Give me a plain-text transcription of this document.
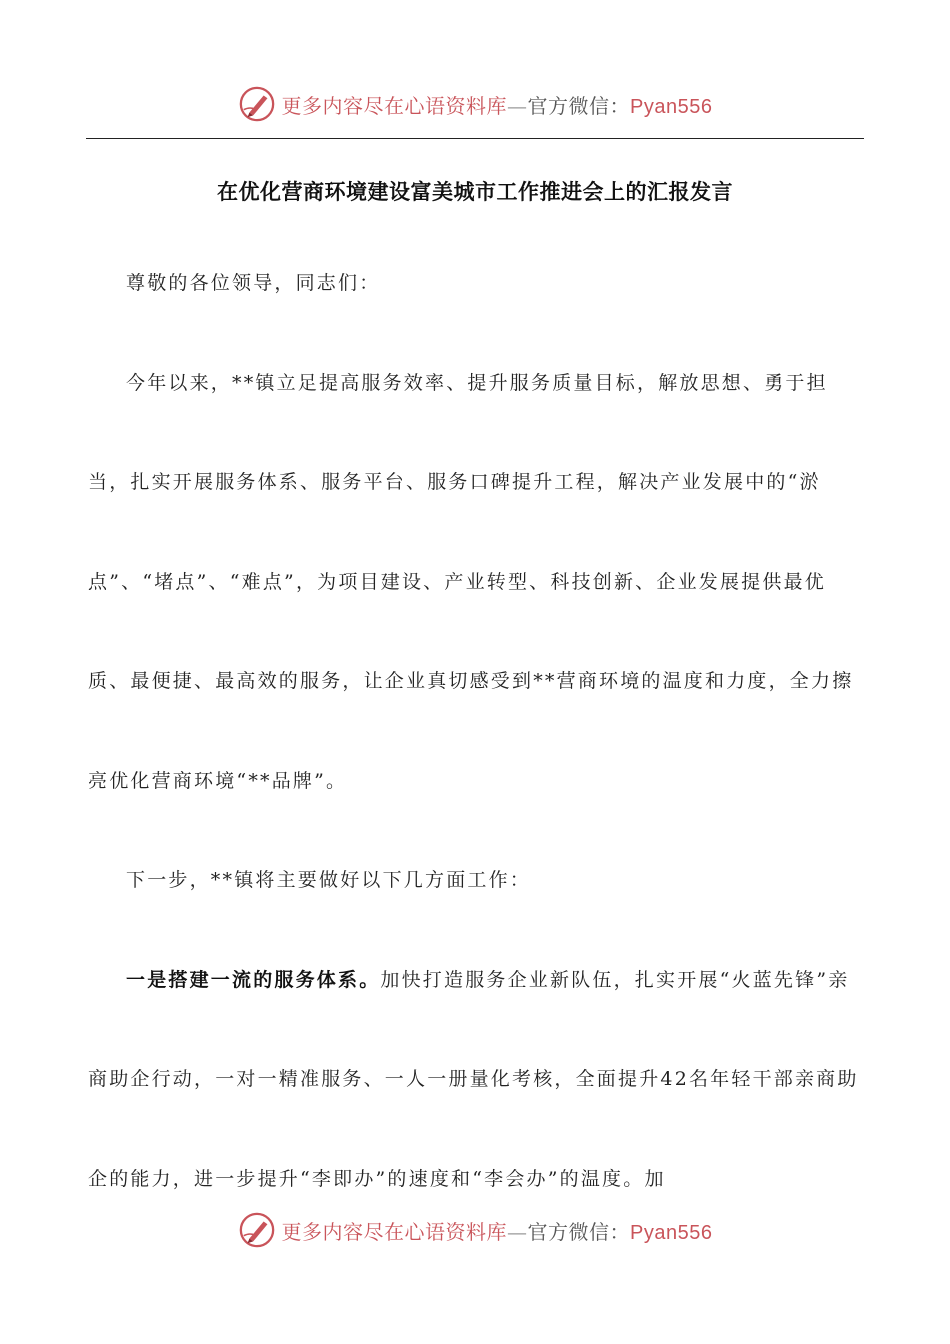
更多内容尽在心语资料库—官方微信：Pyan556
在优化营商环境建设富美城市工作推进会上的汇报发言

尊敬的各位领导，同志们：

今年以来，**镇立足提高服务效率、提升服务质量目标，解放思想、勇于担当，扎实开展服务体系、服务平台、服务口碑提升工程，解决产业发展中的“淤点”、“堵点”、“难点”，为项目建设、产业转型、科技创新、企业发展提供最优质、最便捷、最高效的服务，让企业真切感受到**营商环境的温度和力度，全力擦亮优化营商环境“**品牌”。

下一步，**镇将主要做好以下几方面工作：

一是搭建一流的服务体系。加快打造服务企业新队伍，扎实开展“火蓝先锋”亲商助企行动，一对一精准服务、一人一册量化考核，全面提升42名年轻干部亲商助企的能力，进一步提升“李即办”的速度和“李会办”的温度。加

更多内容尽在心语资料库—官方微信：Pyan556
